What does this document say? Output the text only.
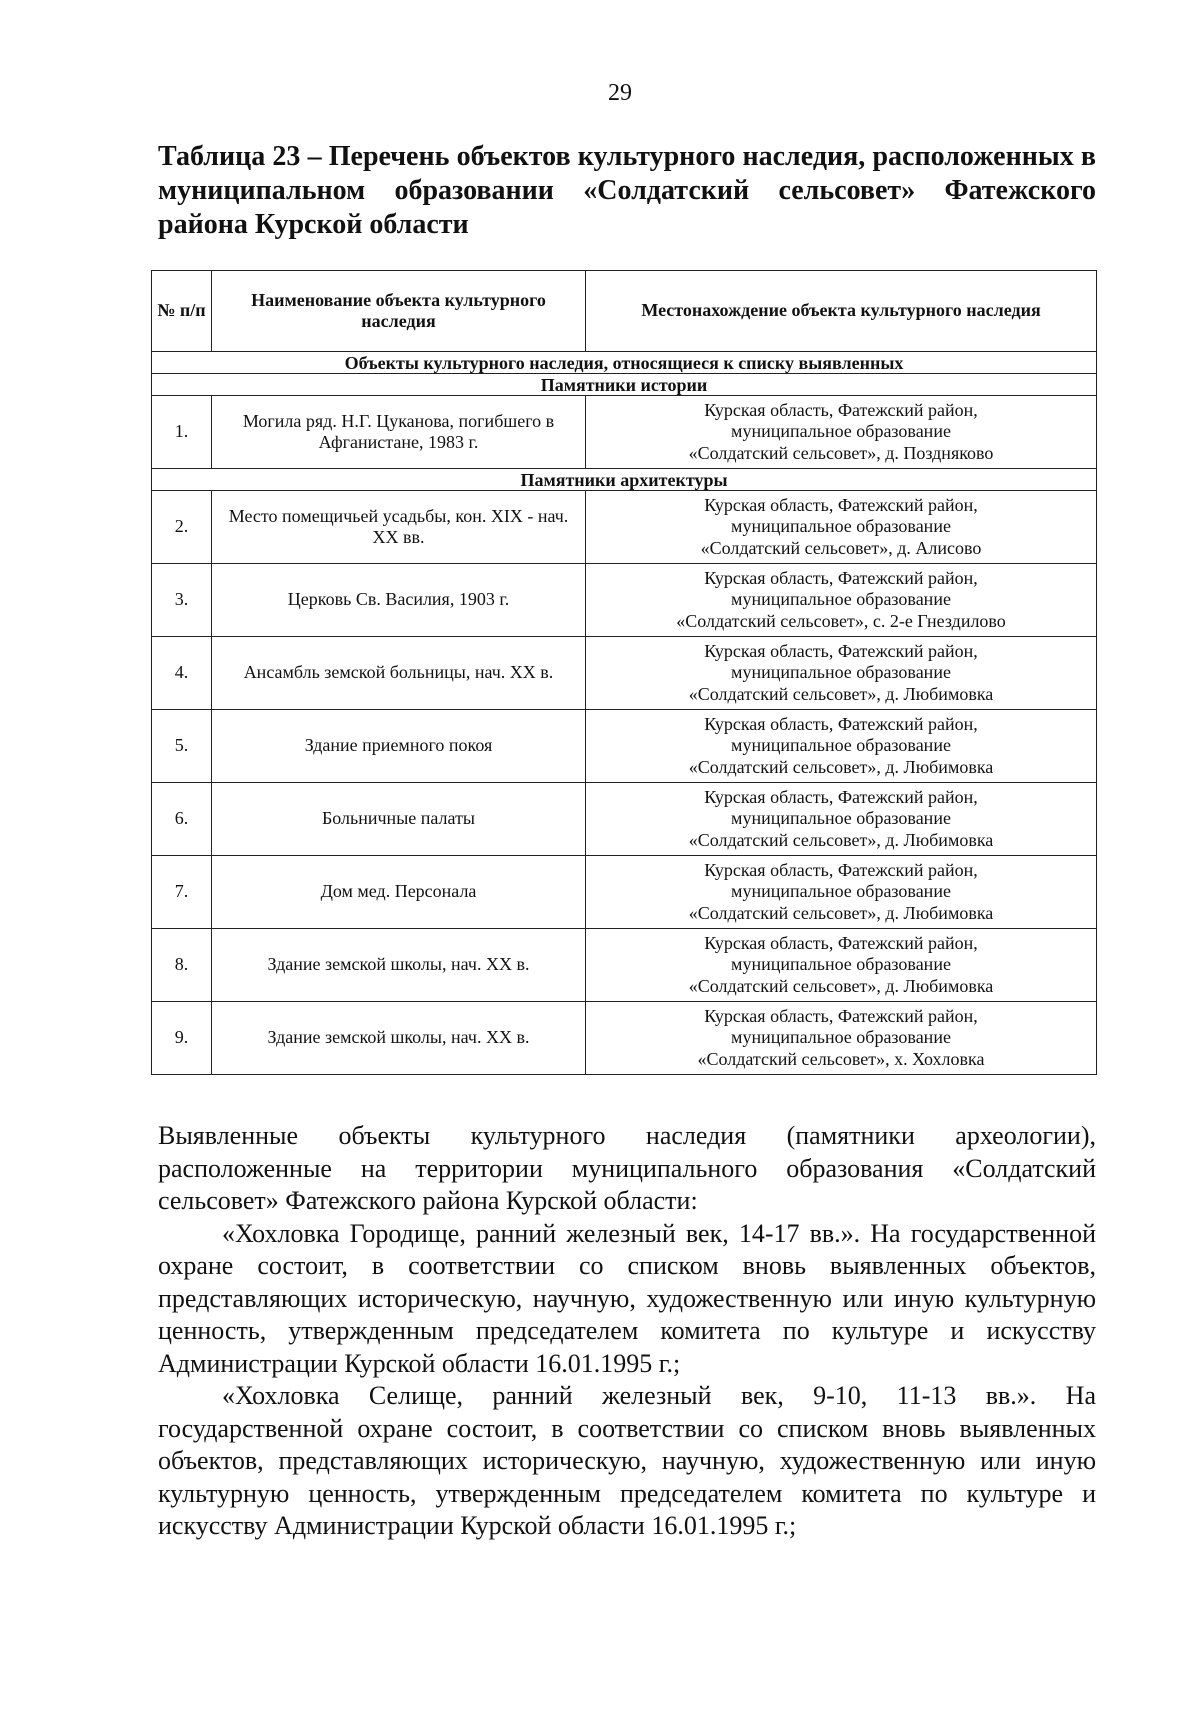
29
Таблица 23 – Перечень объектов культурного наследия, расположенных в муниципальном образовании «Солдатский сельсовет» Фатежского района Курской области
№ п/п	Наименование объекта культурного наследия	Местонахождение объекта культурного наследия
Объекты культурного наследия, относящиеся к списку выявленных		
Памятники истории		
1.	Могила ряд. Н.Г. Цуканова, погибшего в Афганистане, 1983 г.	Курская область, Фатежский район,
муниципальное образование
«Солдатский сельсовет», д. Поздняково

Памятники архитектуры		
2.	Место помещичьей усадьбы, кон. XIX - нач. XX вв.	Курская область, Фатежский район,
муниципальное образование
«Солдатский сельсовет», д. Алисово

3.	Церковь Св. Василия, 1903 г.	Курская область, Фатежский район,
муниципальное образование
«Солдатский сельсовет», с. 2-е Гнездилово

4.	Ансамбль земской больницы, нач. XX в.	Курская область, Фатежский район,
муниципальное образование
«Солдатский сельсовет», д. Любимовка

5.	Здание приемного покоя	Курская область, Фатежский район,
муниципальное образование
«Солдатский сельсовет», д. Любимовка

6.	Больничные палаты	Курская область, Фатежский район,
муниципальное образование
«Солдатский сельсовет», д. Любимовка

7.	Дом мед. Персонала	Курская область, Фатежский район,
муниципальное образование
«Солдатский сельсовет», д. Любимовка

8.	Здание земской школы, нач. XX в.	Курская область, Фатежский район,
муниципальное образование
«Солдатский сельсовет», д. Любимовка

9.	Здание земской школы, нач. XX в.	Курская область, Фатежский район,
муниципальное образование
«Солдатский сельсовет», х. Хохловка

Выявленные объекты культурного наследия (памятники археологии), расположенные на территории муниципального образования «Солдатский сельсовет» Фатежского района Курской области:

«Хохловка Городище, ранний железный век, 14-17 вв.». На государственной охране состоит, в соответствии со списком вновь выявленных объектов, представляющих историческую, научную, художественную или иную культурную ценность, утвержденным председателем комитета по культуре и искусству Администрации Курской области 16.01.1995 г.;

«Хохловка Селище, ранний железный век, 9-10, 11-13 вв.». На государственной охране состоит, в соответствии со списком вновь выявленных объектов, представляющих историческую, научную, художественную или иную культурную ценность, утвержденным председателем комитета по культуре и искусству Администрации Курской области 16.01.1995 г.;
